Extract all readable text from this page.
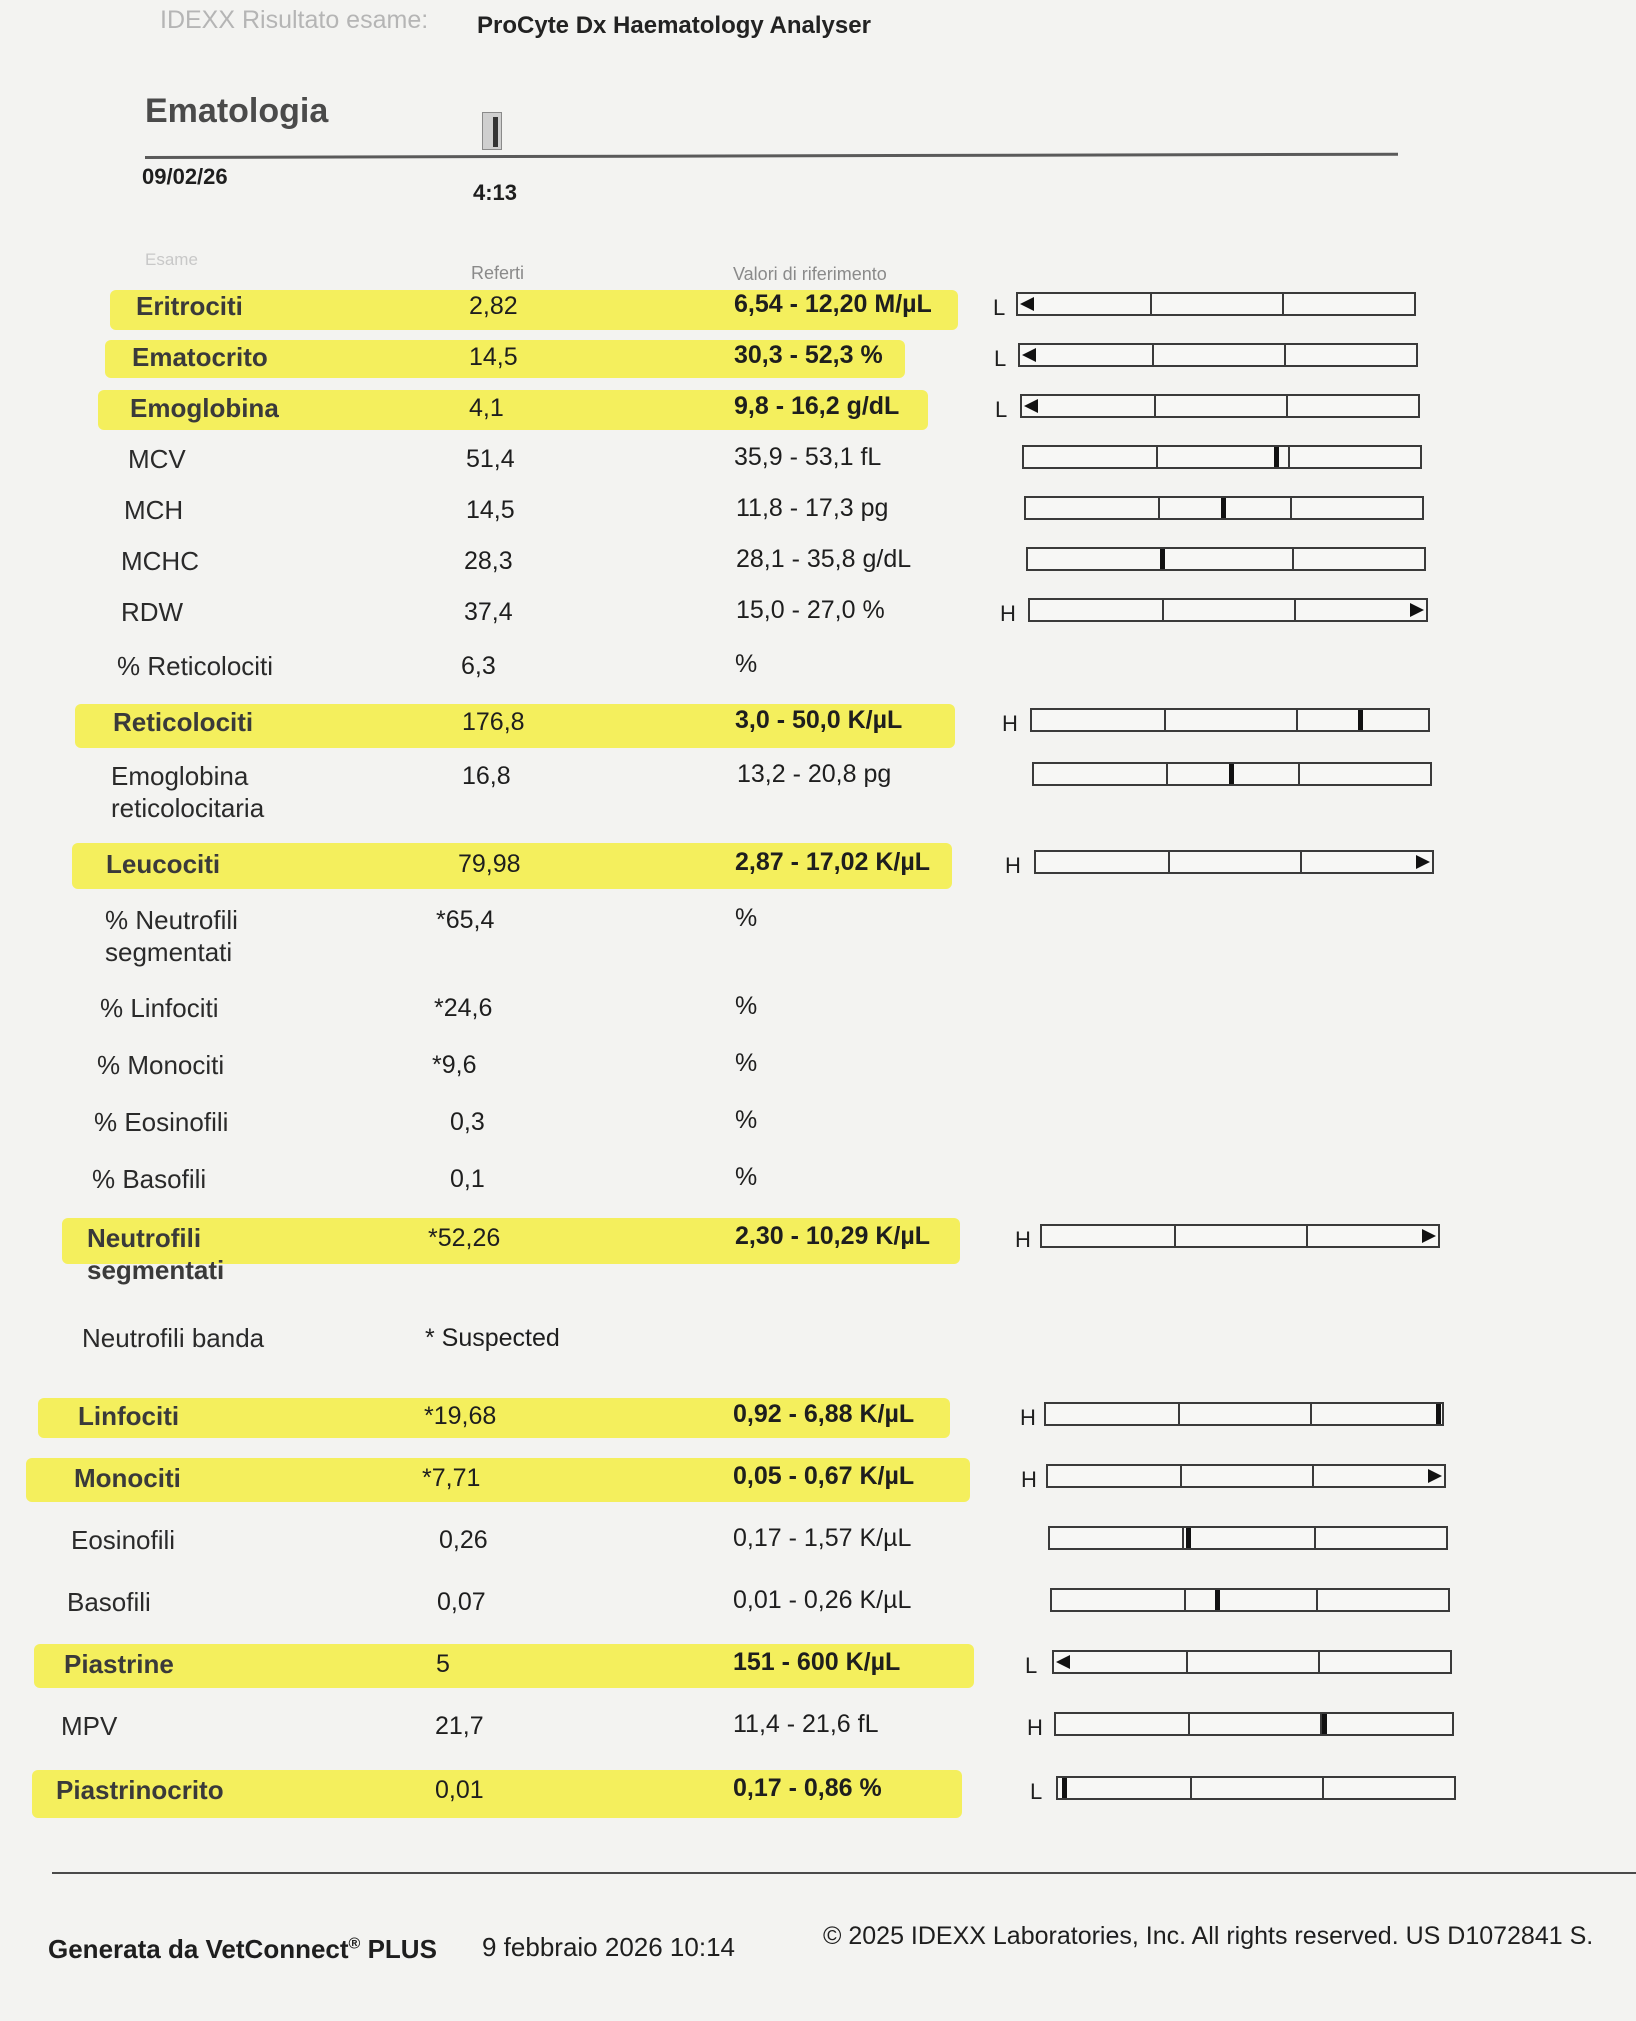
IDEXX Risultato esame: ProCyte Dx Haematology Analyser
Ematologia
09/02/26
4:13
Esame
Referti	Valori di riferimento
Eritrociti	2,82	6,54 - 12,20 M/µL	L
Ematocrito	14,5	30,3 - 52,3 %	L
Emoglobina	4,1	9,8 - 16,2 g/dL	L
MCV	51,4	35,9 - 53,1 fL
MCH	14,5	11,8 - 17,3 pg
MCHC	28,3	28,1 - 35,8 g/dL
RDW	37,4	15,0 - 27,0 %	H
% Reticolociti	6,3	%
Reticolociti	176,8	3,0 - 50,0 K/µL	H
Emoglobina
reticolocitaria
16,8	13,2 - 20,8 pg
Leucociti	79,98	2,87 - 17,02 K/µL	H
% Neutrofili
segmentati
*65,4	%
% Linfociti	*24,6	%
% Monociti	*9,6	%
% Eosinofili	0,3	%
% Basofili	0,1	%
Neutrofili
segmentati
*52,26	2,30 - 10,29 K/µL	H
Neutrofili banda	* Suspected
Linfociti	*19,68	0,92 - 6,88 K/µL	H
Monociti	*7,71	0,05 - 0,67 K/µL	H
Eosinofili	0,26	0,17 - 1,57 K/µL
Basofili	0,07	0,01 - 0,26 K/µL
Piastrine	5	151 - 600 K/µL	L
MPV	21,7	11,4 - 21,6 fL	H
Piastrinocrito	0,01	0,17 - 0,86 %	L
Generata da VetConnect® PLUS 9 febbraio 2026 10:14	© 2025 IDEXX Laboratories, Inc. All rights reserved. US D1072841 S.
